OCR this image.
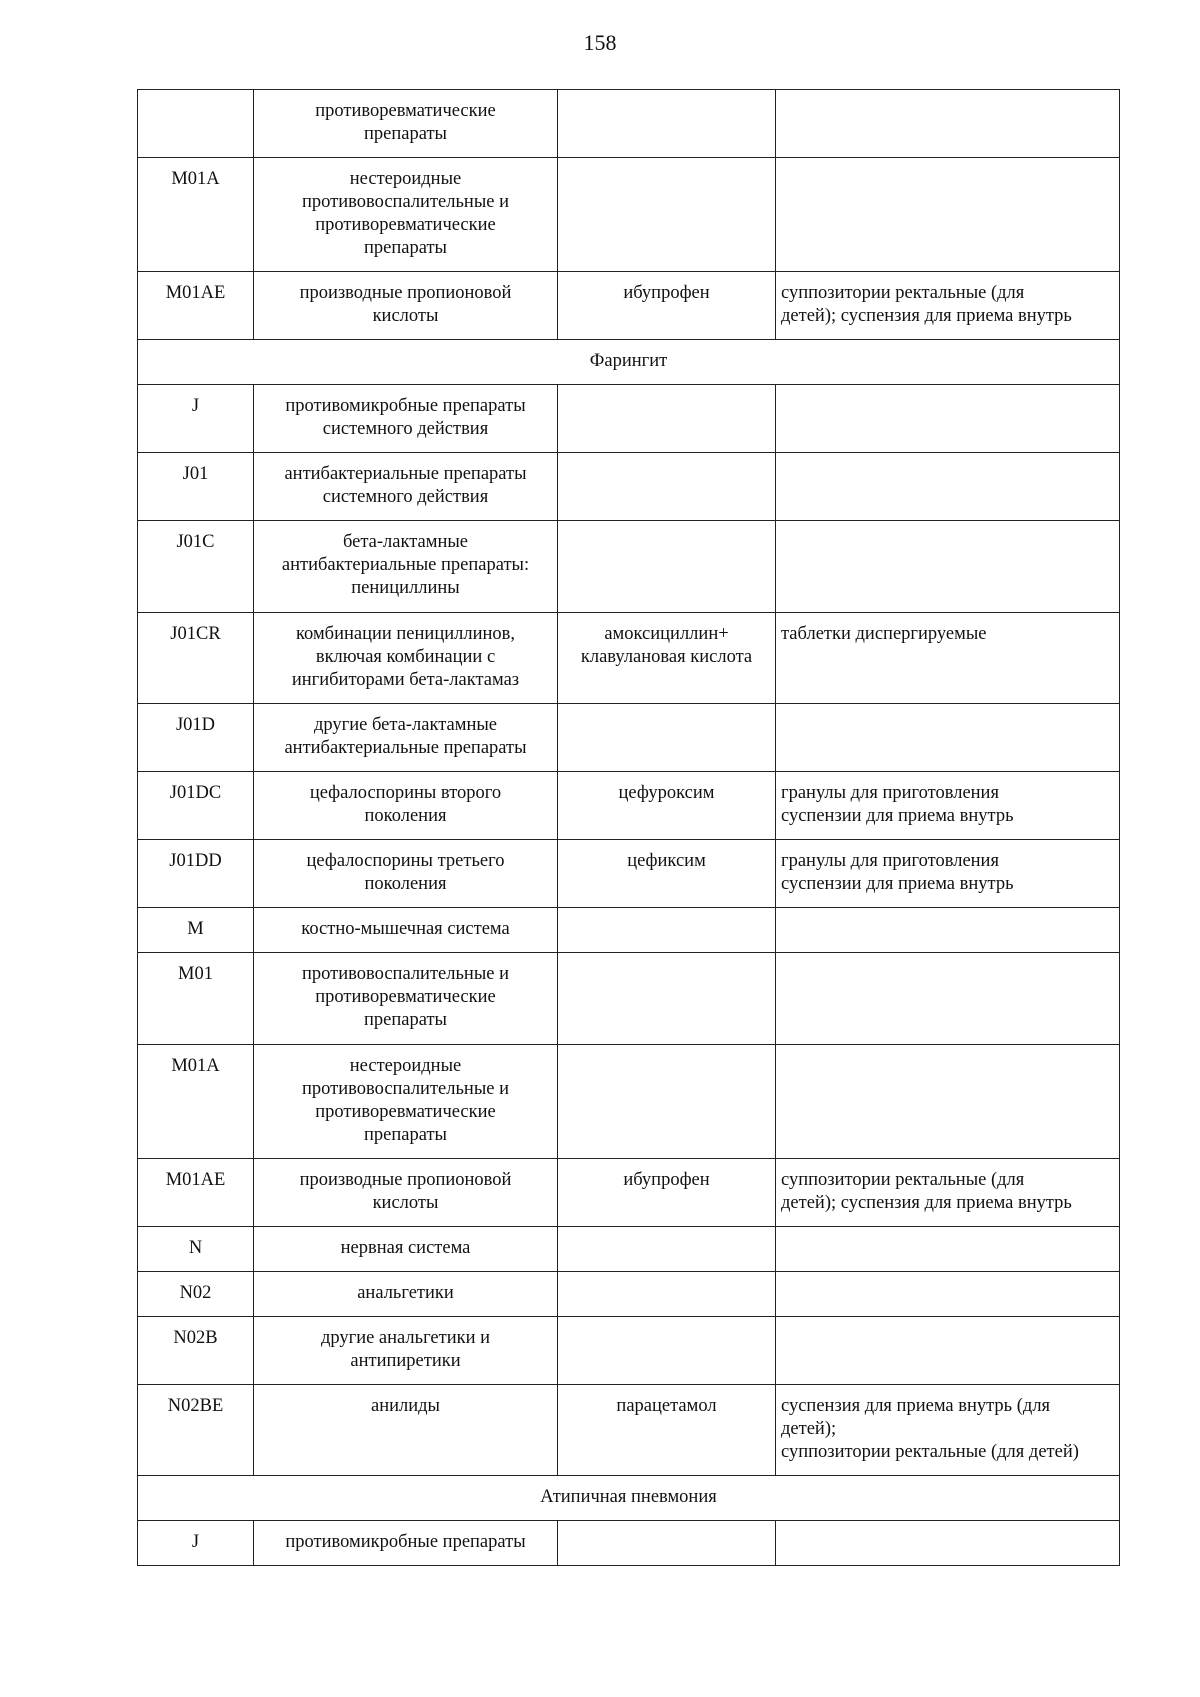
158

	противоревматические
препараты		

M01A	нестероидные
противовоспалительные и
противоревматические
препараты		

M01AE	производные пропионовой
кислоты	ибупрофен	суппозитории ректальные (для
детей); суспензия для приема внутрь

Фарингит			
J	противомикробные препараты
системного действия		

J01	антибактериальные препараты
системного действия		

J01C	бета-лактамные
антибактериальные препараты:
пенициллины		

J01CR	комбинации пенициллинов,
включая комбинации с
ингибиторами бета-лактамаз	амоксициллин+
клавулановая кислота	таблетки диспергируемые

J01D	другие бета-лактамные
антибактериальные препараты		

J01DC	цефалоспорины второго
поколения	цефуроксим	гранулы для приготовления
суспензии для приема внутрь

J01DD	цефалоспорины третьего
поколения	цефиксим	гранулы для приготовления
суспензии для приема внутрь

M	костно-мышечная система		

M01	противовоспалительные и
противоревматические
препараты		

M01A	нестероидные
противовоспалительные и
противоревматические
препараты		

M01AE	производные пропионовой
кислоты	ибупрофен	суппозитории ректальные (для
детей); суспензия для приема внутрь

N	нервная система		

N02	анальгетики		

N02B	другие анальгетики и
антипиретики		

N02BE	анилиды	парацетамол	суспензия для приема внутрь (для
детей);
суппозитории ректальные (для детей)

Атипичная пневмония			
J	противомикробные препараты		
